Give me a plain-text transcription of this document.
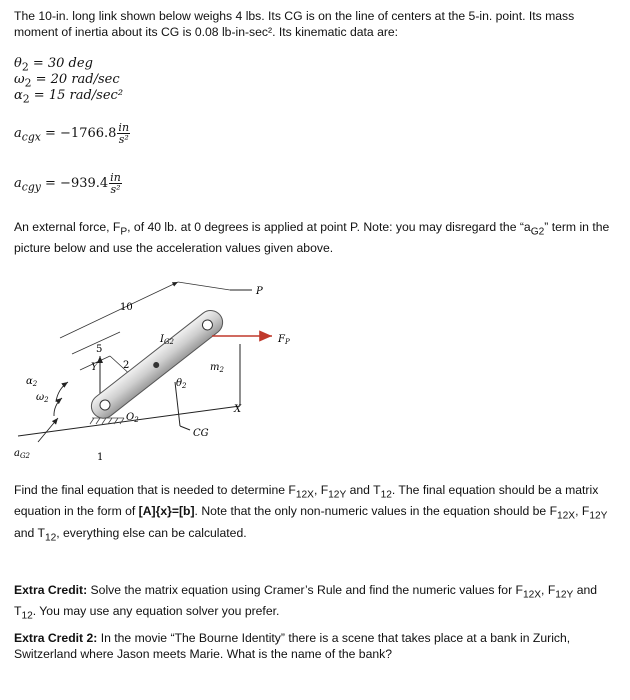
The 10-in. long link shown below weighs 4 lbs. Its CG is on the line of centers at the 5-in. point. Its mass moment of inertia about its CG is 0.08 lb-in-sec². Its kinematic data are:
$\theta_2 = 30$ deg
$\omega_2 = 20$ rad/sec
$\alpha_2 = 15$ rad/sec²
$a_{cgx} = -1766.8 \frac{in}{\text{s²}}$
$a_{cgy} = -939.4 \frac{in}{\text{s²}}$
An external force, $F_P$, of 40 lb. at 0 degrees is applied at point P. Note: you may disregard the “$a_{G2}$” term in the picture below and use the acceleration values given above.
10
5
2
1
Y
X
P
$F_P$
$I_{G2}$
$m_2$
$\theta_2$
$O_2$
CG
$\alpha_2$
$\omega_2$
$a_{G2}$
Find the final equation that is needed to determine $F_{12X}$, $F_{12Y}$ and $T_{12}$. The final equation should be a matrix equation in the form of [A]{x}=[b]. Note that the only non-numeric values in the equation should be $F_{12X}$, $F_{12Y}$ and $T_{12}$, everything else can be calculated.
Extra Credit: Solve the matrix equation using Cramer’s Rule and find the numeric values for $F_{12X}$, $F_{12Y}$ and $T_{12}$. You may use any equation solver you prefer.
Extra Credit 2: In the movie “The Bourne Identity” there is a scene that takes place at a bank in Zurich, Switzerland where Jason meets Marie. What is the name of the bank?
